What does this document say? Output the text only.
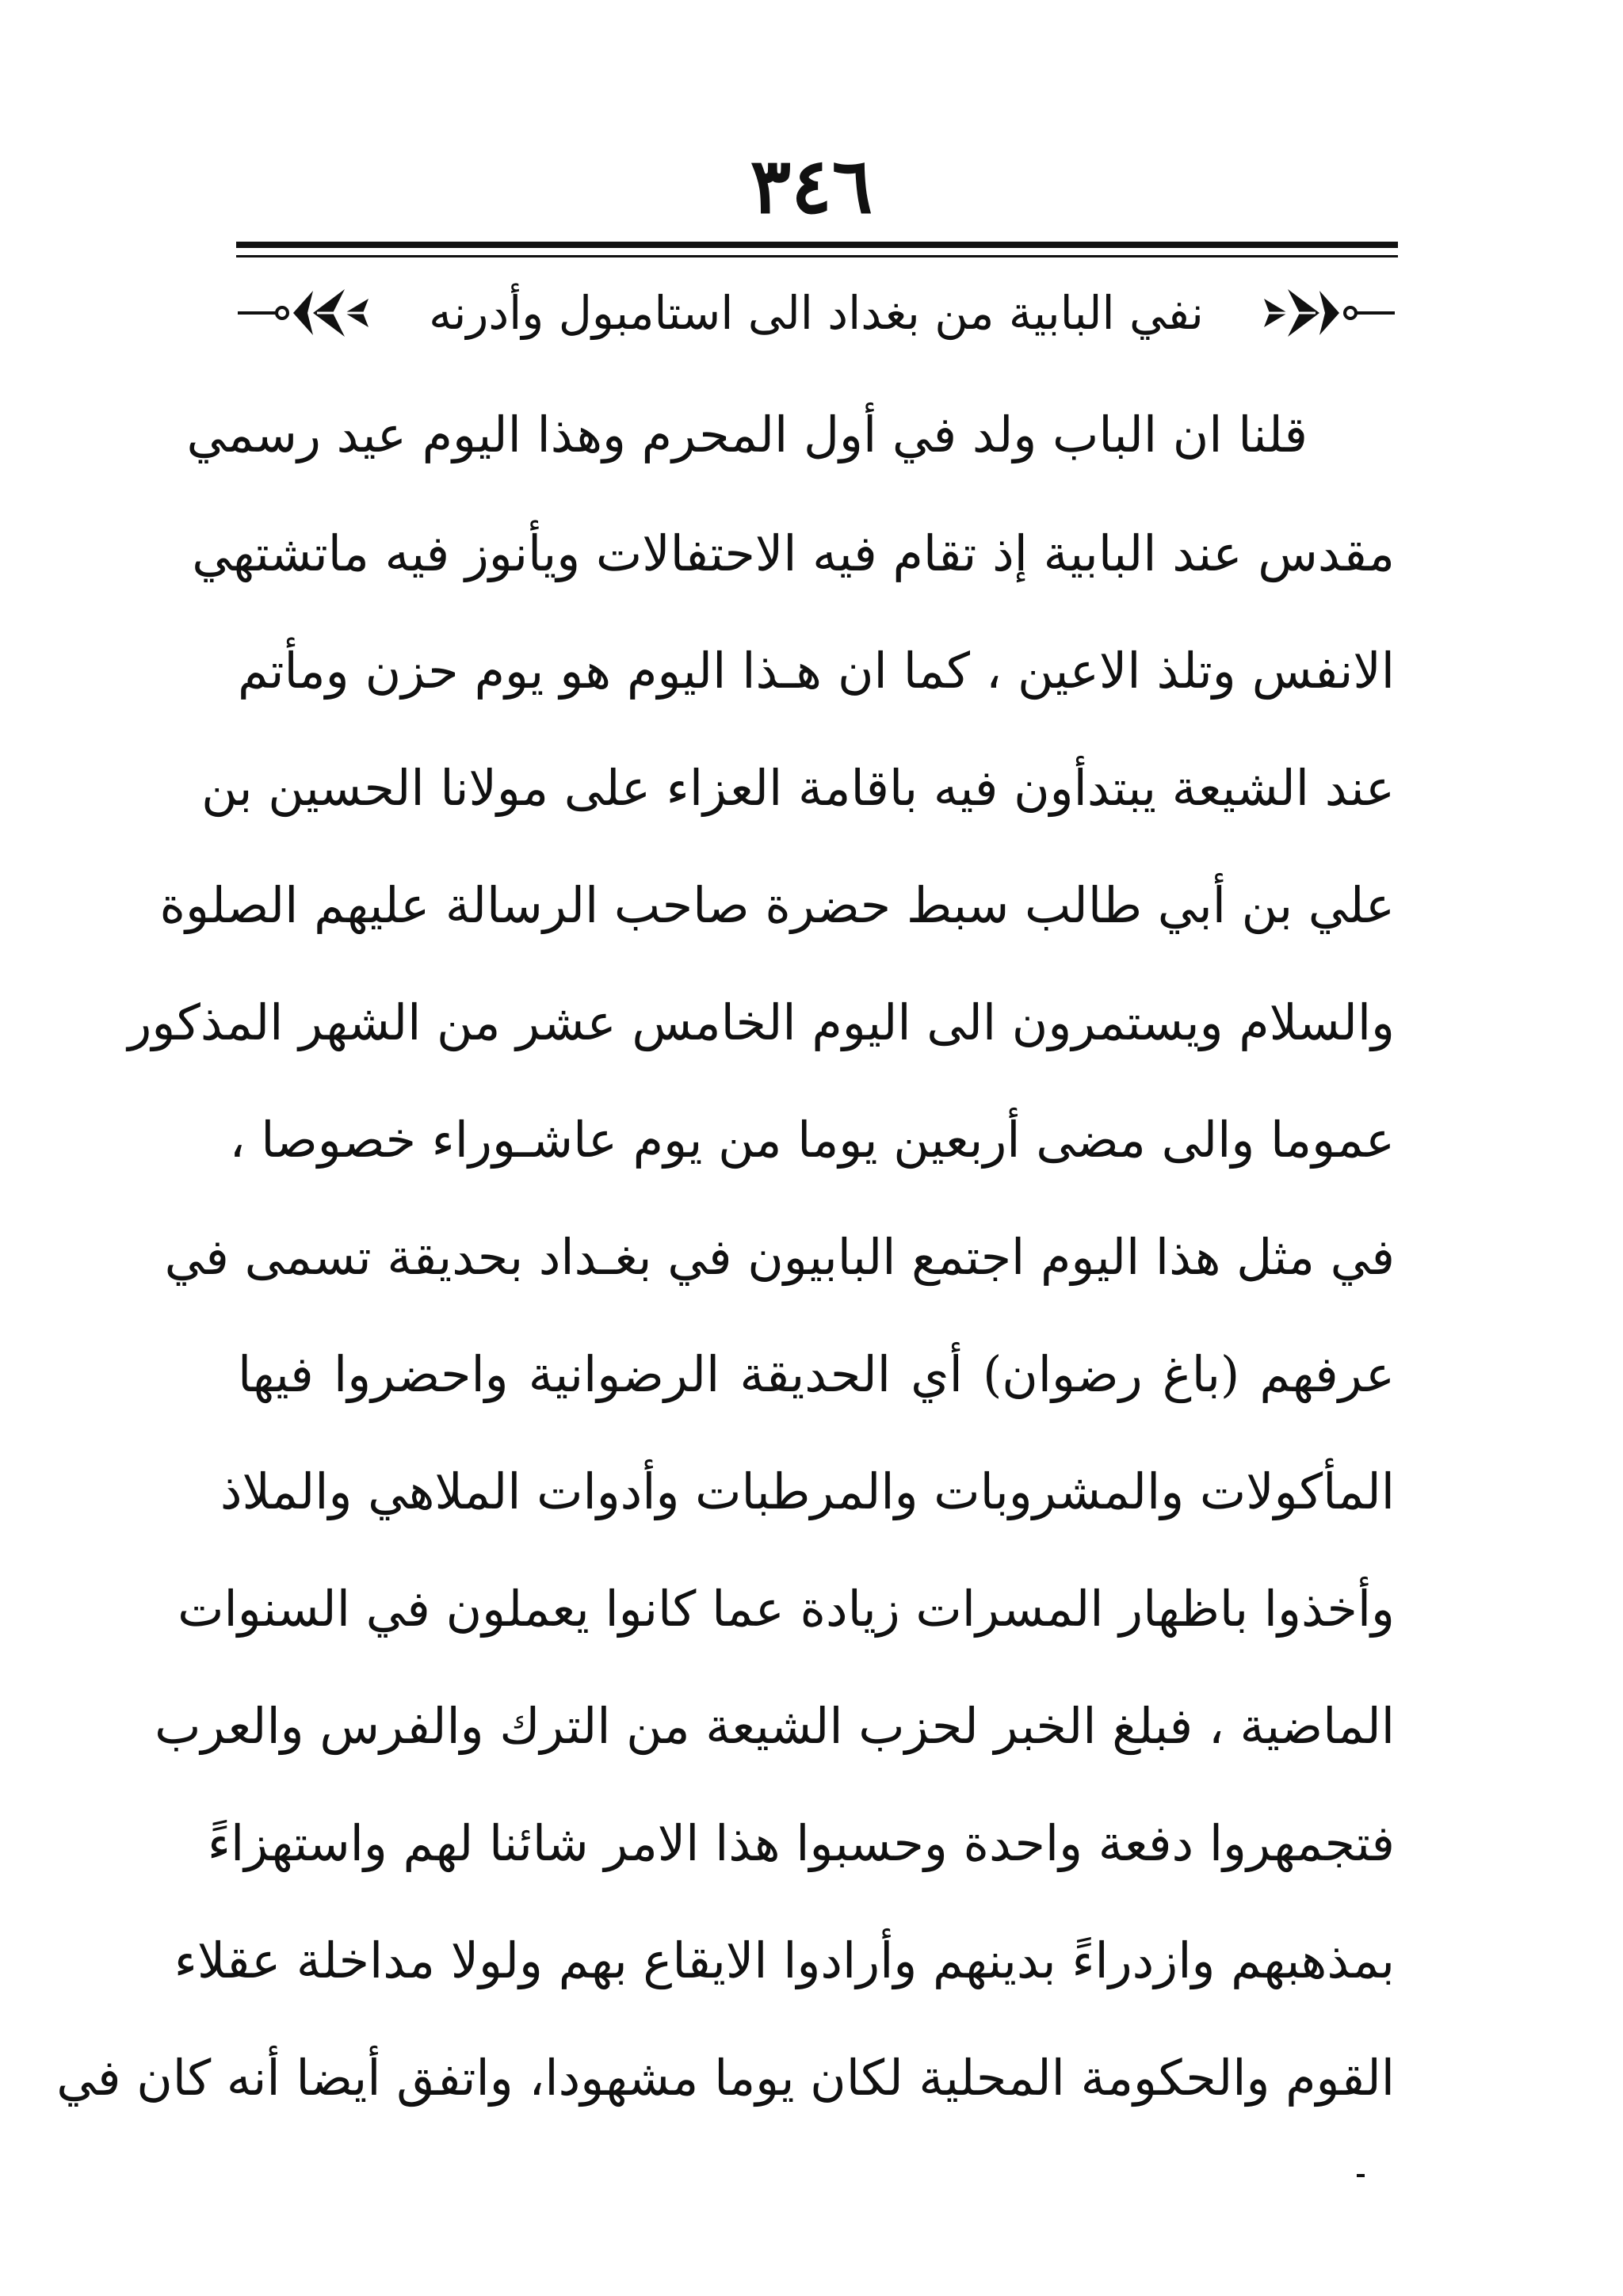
٣٤٦
نفي البابية من بغداد الى استامبول وأدرنه
قلنا ان الباب ولد في أول المحرم وهذا اليوم عيد رسمي
مقدس عند البابية إذ تقام فيه الاحتفالات ويأنوز فيه ماتشتهي
الانفس وتلذ الاعين ، كما ان هـذا اليوم هو يوم حزن ومأتم
عند الشيعة يبتدأون فيه باقامة العزاء على مولانا الحسين بن
علي بن أبي طالب سبط حضرة صاحب الرسالة عليهم الصلوة
والسلام ويستمرون الى اليوم الخامس عشر من الشهر المذكور
عموما والى مضى أربعين يوما من يوم عاشـوراء خصوصا ،
في مثل هذا اليوم اجتمع البابيون في بغـداد بحديقة تسمى في
عرفهم (باغ رضوان) أي الحديقة الرضوانية واحضروا فيها
المأكولات والمشروبات والمرطبات وأدوات الملاهي والملاذ
وأخذوا باظهار المسرات زيادة عما كانوا يعملون في السنوات
الماضية ، فبلغ الخبر لحزب الشيعة من الترك والفرس والعرب
فتجمهروا دفعة واحدة وحسبوا هذا الامر شائنا لهم واستهزاءً
بمذهبهم وازدراءً بدينهم وأرادوا الايقاع بهم ولولا مداخلة عقلاء
القوم والحكومة المحلية لكان يوما مشهودا، واتفق أيضا أنه كان في
